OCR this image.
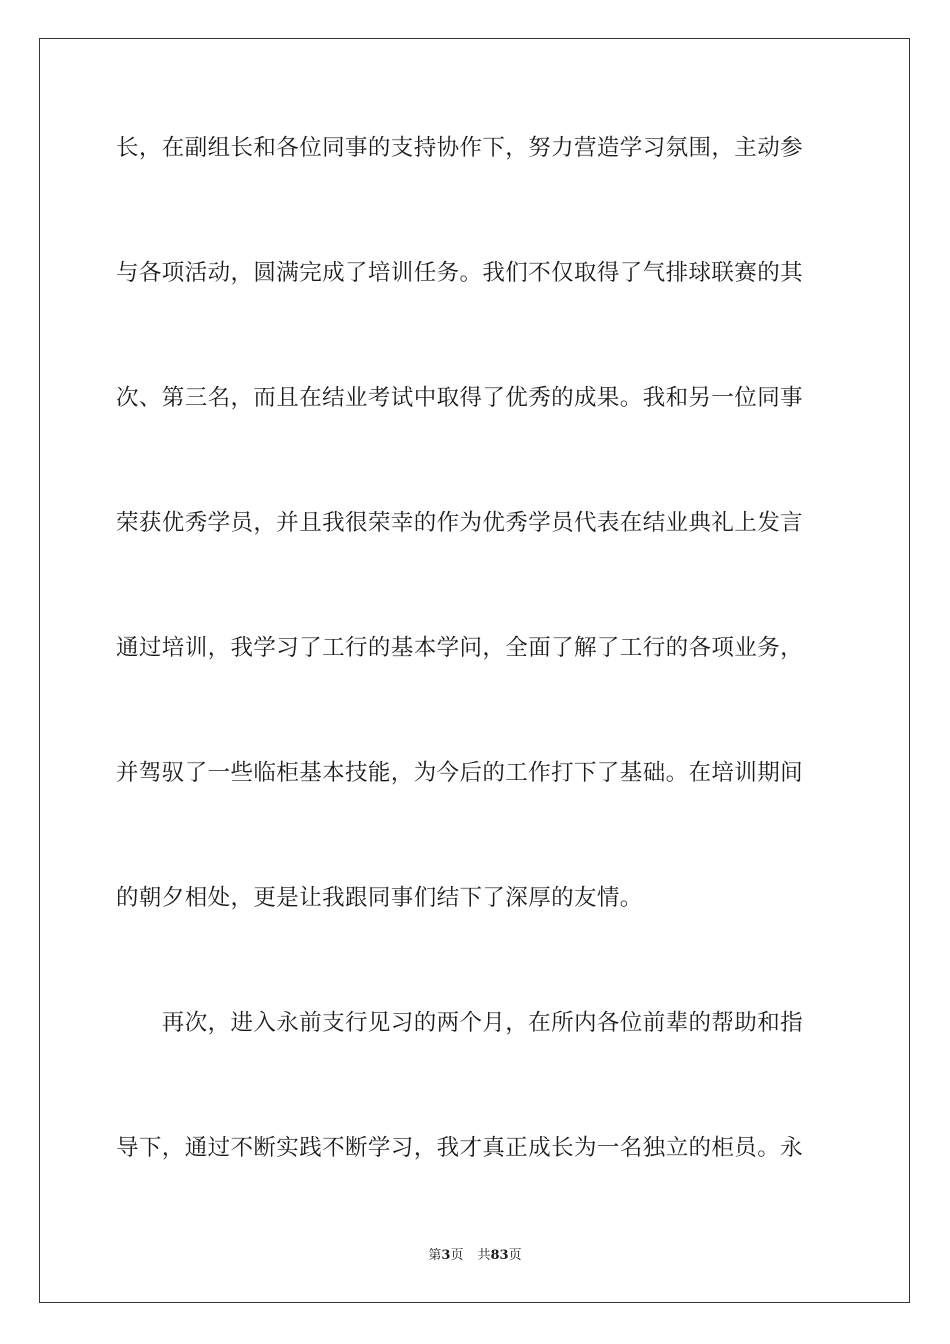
长，在副组长和各位同事的支持协作下，努力营造学习氛围，主动参
与各项活动，圆满完成了培训任务。我们不仅取得了气排球联赛的其
次、第三名，而且在结业考试中取得了优秀的成果。我和另一位同事
荣获优秀学员，并且我很荣幸的作为优秀学员代表在结业典礼上发言
通过培训，我学习了工行的基本学问，全面了解了工行的各项业务，
并驾驭了一些临柜基本技能，为今后的工作打下了基础。在培训期间
的朝夕相处，更是让我跟同事们结下了深厚的友情。
　　再次，进入永前支行见习的两个月，在所内各位前辈的帮助和指
导下，通过不断实践不断学习，我才真正成长为一名独立的柜员。永
第3页 共83页
